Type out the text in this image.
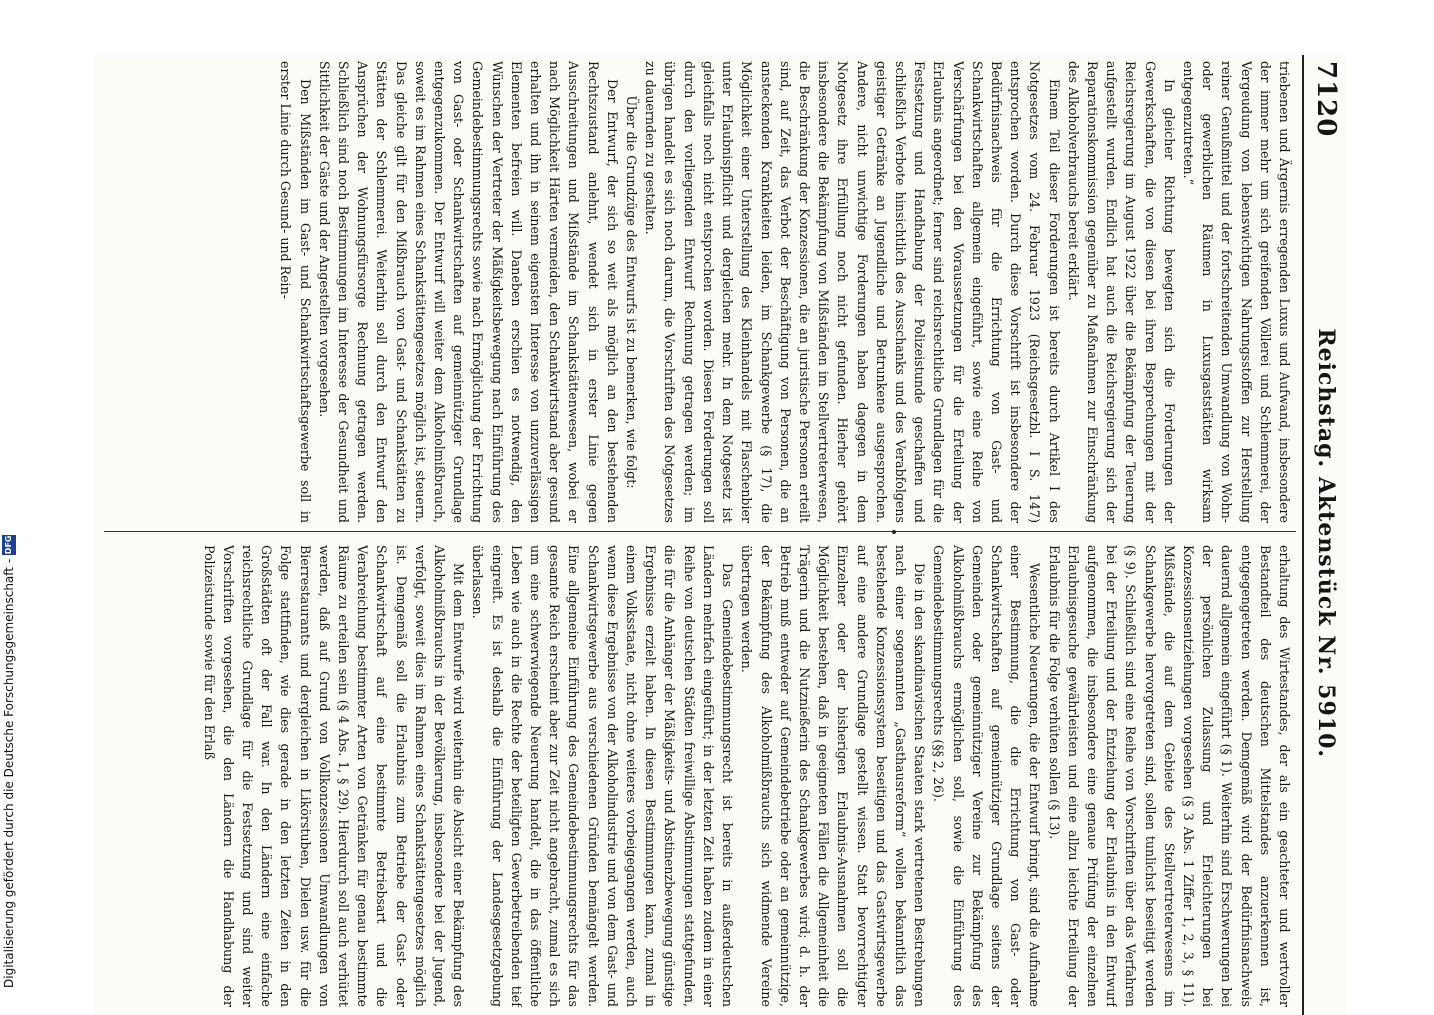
7120
Reichstag. Aktenstück Nr. 5910.

triebenen und Ärgernis erregenden Luxus und Aufwand, insbesondere der immer mehr um sich greifenden Völlerei und Schlemmerei, der Vergeudung von lebenswichtigen Nahrungsstoffen zur Herstellung reiner Genußmittel und der fortschreitenden Umwandlung von Wohn- oder gewerblichen Räumen in Luxusgaststätten wirksam entgegenzutreten.“

In gleicher Richtung bewegten sich die Forderungen der Gewerkschaften, die von diesen bei ihren Besprechungen mit der Reichsregierung im August 1922 über die Bekämpfung der Teuerung aufgestellt wurden. Endlich hat auch die Reichsregierung sich der Reparationskommission gegenüber zu Maßnahmen zur Einschränkung des Alkoholverbrauchs bereit erklärt.

Einem Teil dieser Forderungen ist bereits durch Artikel I des Notgesetzes vom 24. Februar 1923 (Reichsgesetzbl. I S. 147) entsprochen worden. Durch diese Vorschrift ist insbesondere der Bedürfnisnachweis für die Errichtung von Gast- und Schankwirtschaften allgemein eingeführt, sowie eine Reihe von Verschärfungen bei den Voraussetzungen für die Erteilung der Erlaubnis angeordnet; ferner sind reichsrechtliche Grundlagen für die Festsetzung und Handhabung der Polizeistunde geschaffen und schließlich Verbote hinsichtlich des Ausschanks und des Verabfolgens geistiger Getränke an Jugendliche und Betrunkene ausgesprochen. Andere, nicht unwichtige Forderungen haben dagegen in dem Notgesetz ihre Erfüllung noch nicht gefunden. Hierher gehört insbesondere die Bekämpfung von Mißständen im Stellvertreterwesen, die Beschränkung der Konzessionen, die an juristische Personen erteilt sind, auf Zeit, das Verbot der Beschäftigung von Personen, die an ansteckenden Krankheiten leiden, im Schankgewerbe (§ 17), die Möglichkeit einer Unterstellung des Kleinhandels mit Flaschenbier unter Erlaubnispflicht und dergleichen mehr. In dem Notgesetz ist gleichfalls noch nicht entsprochen worden. Diesen Forderungen soll durch den vorliegenden Entwurf Rechnung getragen werden; im übrigen handelt es sich noch darum, die Vorschriften des Notgesetzes zu dauernden zu gestalten.

Über die Grundzüge des Entwurfs ist zu bemerken, wie folgt:

Der Entwurf, der sich so weit als möglich an den bestehenden Rechtszustand anlehnt, wendet sich in erster Linie gegen Ausschreitungen und Mißstände im Schankstättenwesen, wobei er nach Möglichkeit Härten vermeiden, den Schankwirtstand aber gesund erhalten und ihn in seinem eigensten Interesse von unzuverlässigen Elementen befreien will. Daneben erschien es notwendig, den Wünschen der Vertreter der Mäßigkeitsbewegung nach Einführung des Gemeindebestimmungsrechts sowie nach Ermöglichung der Errichtung von Gast- oder Schankwirtschaften auf gemeinnütziger Grundlage entgegenzukommen. Der Entwurf will weiter dem Alkoholmißbrauch, soweit es im Rahmen eines Schankstättengesetzes möglich ist, steuern. Das gleiche gilt für den Mißbrauch von Gast- und Schankstätten zu Stätten der Schlemmerei. Weiterhin soll durch den Entwurf den Ansprüchen der Wohnungsfürsorge Rechnung getragen werden. Schließlich sind noch Bestimmungen im Interesse der Gesundheit und Sittlichkeit der Gäste und der Angestellten vorgesehen.

Den Mißständen im Gast- und Schankwirtschaftsgewerbe soll in erster Linie durch Gesund- und Rein-

erhaltung des Wirtestandes, der als ein geachteter und wertvoller Bestandteil des deutschen Mittelstandes anzuerkennen ist, entgegengetreten werden. Demgemäß wird der Bedürfnisnachweis dauernd allgemein eingeführt (§ 1). Weiterhin sind Erschwerungen bei der persönlichen Zulassung und Erleichterungen bei Konzessionsentziehungen vorgesehen (§ 3 Abs. 1 Ziffer 1, 2, 3, § 11). Mißstände, die auf dem Gebiete des Stellvertreterwesens im Schankgewerbe hervorgetreten sind, sollen tunlichst beseitigt werden (§ 9). Schließlich sind eine Reihe von Vorschriften über das Verfahren bei der Erteilung und der Entziehung der Erlaubnis in den Entwurf aufgenommen, die insbesondere eine genaue Prüfung der einzelnen Erlaubnisgesuche gewährleisten und eine allzu leichte Erteilung der Erlaubnis für die Folge verhüten sollen (§ 13).

Wesentliche Neuerungen, die der Entwurf bringt, sind die Aufnahme einer Bestimmung, die die Errichtung von Gast- oder Schankwirtschaften auf gemeinnütziger Grundlage seitens der Gemeinden oder gemeinnütziger Vereine zur Bekämpfung des Alkoholmißbrauchs ermöglichen soll, sowie die Einführung des Gemeindebestimmungsrechts (§§ 2, 26).

Die in den skandinavischen Staaten stark vertretenen Bestrebungen nach einer sogenannten „Gasthausreform“ wollen bekanntlich das bestehende Konzessionssystem beseitigen und das Gastwirtsgewerbe auf eine andere Grundlage gestellt wissen. Statt bevorrechtigter Einzelner oder der bisherigen Erlaubnis-Ausnahmen soll die Möglichkeit bestehen, daß in geeigneten Fällen die Allgemeinheit die Trägerin und die Nutznießerin des Schankgewerbes wird; d. h. der Betrieb muß entweder auf Gemeindebetriebe oder an gemeinnützige, der Bekämpfung des Alkoholmißbrauchs sich widmende Vereine übertragen werden.

Das Gemeindebestimmungsrecht ist bereits in außerdeutschen Ländern mehrfach eingeführt; in der letzten Zeit haben zudem in einer Reihe von deutschen Städten freiwillige Abstimmungen stattgefunden, die für die Anhänger der Mäßigkeits- und Abstinenzbewegung günstige Ergebnisse erzielt haben. In diesen Bestimmungen kann, zumal in einem Volksstaate, nicht ohne weiteres vorbeigegangen werden, auch wenn diese Ergebnisse von der Alkoholindustrie und von dem Gast- und Schankwirtsgewerbe aus verschiedenen Gründen bemängelt werden. Eine allgemeine Einführung des Gemeindebestimmungsrechts für das gesamte Reich erscheint aber zur Zeit nicht angebracht, zumal es sich um eine schwerwiegende Neuerung handelt, die in das öffentliche Leben wie auch in die Rechte der beteiligten Gewerbetreibenden tief eingreift. Es ist deshalb die Einführung der Landesgesetzgebung überlassen.

Mit dem Entwurfe wird weiterhin die Absicht einer Bekämpfung des Alkoholmißbrauchs in der Bevölkerung, insbesondere bei der Jugend, verfolgt, soweit dies im Rahmen eines Schankstättengesetzes möglich ist. Demgemäß soll die Erlaubnis zum Betriebe der Gast- oder Schankwirtschaft auf eine bestimmte Betriebsart und die Verabreichung bestimmter Arten von Getränken für genau bestimmte Räume zu erteilen sein (§ 4 Abs. 1, § 29). Hierdurch soll auch verhütet werden, daß auf Grund von Vollkonzessionen Umwandlungen von Bierrestaurants und dergleichen in Likörstuben, Dielen usw. für die Folge stattfinden, wie dies gerade in den letzten Zeiten in den Großstädten oft der Fall war. In den Ländern eine einfache reichsrechtliche Grundlage für die Festsetzung und sind weiter Vorschriften vorgesehen, die den Ländern die Handhabung der Polizeistunde sowie für den Erlaß

Digitalisierung gefördert durch die Deutsche Forschungsgemeinschaft -
DFG
